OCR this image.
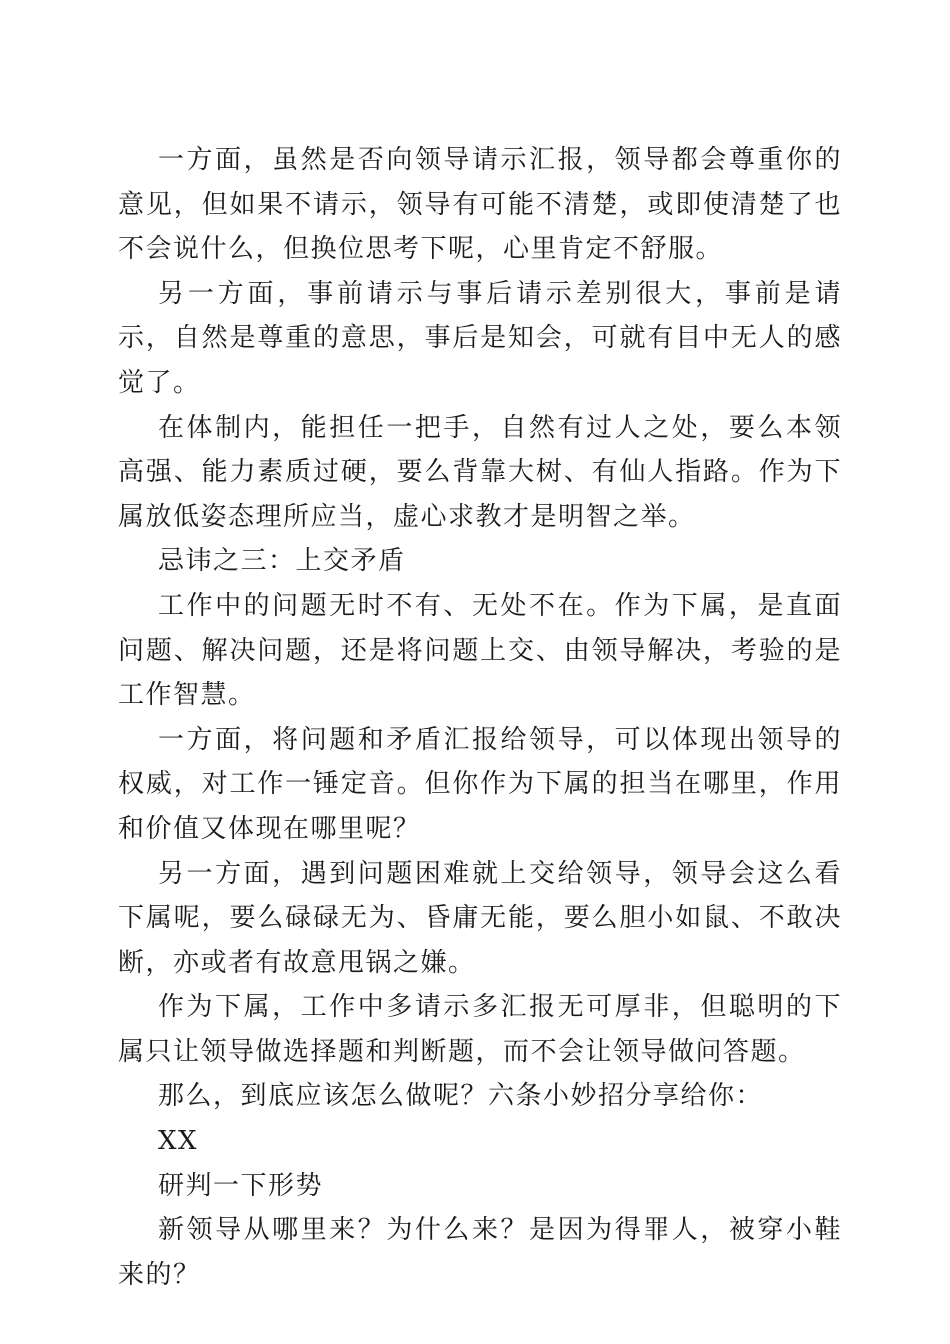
一方面，虽然是否向领导请示汇报，领导都会尊重你的意见，但如果不请示，领导有可能不清楚，或即使清楚了也不会说什么，但换位思考下呢，心里肯定不舒服。

另一方面，事前请示与事后请示差别很大，事前是请示，自然是尊重的意思，事后是知会，可就有目中无人的感觉了。

在体制内，能担任一把手，自然有过人之处，要么本领高强、能力素质过硬，要么背靠大树、有仙人指路。作为下属放低姿态理所应当，虚心求教才是明智之举。

忌讳之三：上交矛盾

工作中的问题无时不有、无处不在。作为下属，是直面问题、解决问题，还是将问题上交、由领导解决，考验的是工作智慧。

一方面，将问题和矛盾汇报给领导，可以体现出领导的权威，对工作一锤定音。但你作为下属的担当在哪里，作用和价值又体现在哪里呢？

另一方面，遇到问题困难就上交给领导，领导会这么看下属呢，要么碌碌无为、昏庸无能，要么胆小如鼠、不敢决断，亦或者有故意甩锅之嫌。

作为下属，工作中多请示多汇报无可厚非，但聪明的下属只让领导做选择题和判断题，而不会让领导做问答题。

那么，到底应该怎么做呢？六条小妙招分享给你：

XX

研判一下形势

新领导从哪里来？为什么来？是因为得罪人，被穿小鞋来的？
